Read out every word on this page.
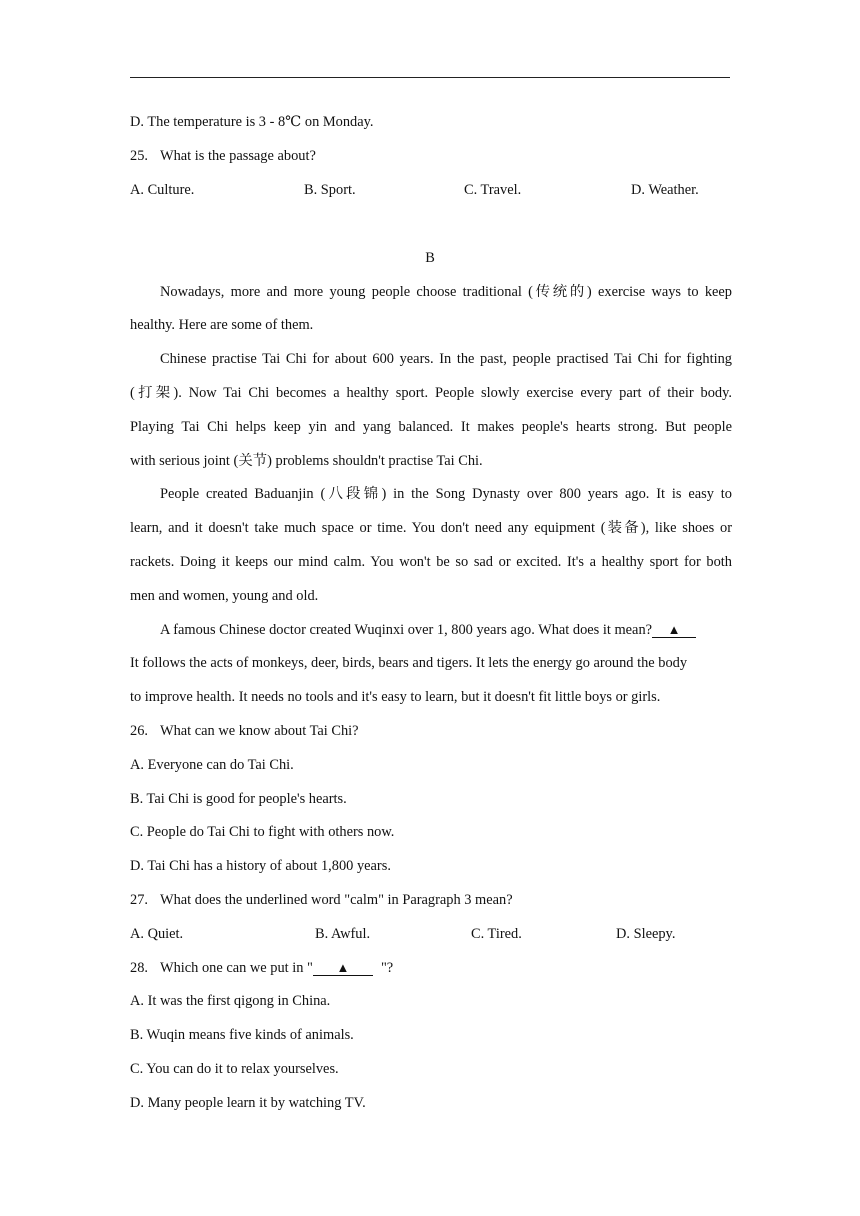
D. The temperature is 3 - 8℃ on Monday.
25. What is the passage about?
A. Culture.	B. Sport.	C. Travel.	D. Weather.
B
Nowadays, more and more young people choose traditional (传统的) exercise ways to keep
healthy. Here are some of them.
Chinese practise Tai Chi for about 600 years. In the past, people practised Tai Chi for fighting
(打架). Now Tai Chi becomes a healthy sport. People slowly exercise every part of their body.
Playing Tai Chi helps keep yin and yang balanced. It makes people's hearts strong. But people
with serious joint (关节) problems shouldn't practise Tai Chi.
People created Baduanjin (八段锦) in the Song Dynasty over 800 years ago. It is easy to
learn, and it doesn't take much space or time. You don't need any equipment (装备), like shoes or
rackets. Doing it keeps our mind calm. You won't be so sad or excited. It's a healthy sport for both
men and women, young and old.
A famous Chinese doctor created Wuqinxi over 1, 800 years ago. What does it mean? ▲
It follows the acts of monkeys, deer, birds, bears and tigers. It lets the energy go around the body
to improve health. It needs no tools and it's easy to learn, but it doesn't fit little boys or girls.
26. What can we know about Tai Chi?
A. Everyone can do Tai Chi.
B. Tai Chi is good for people's hearts.
C. People do Tai Chi to fight with others now.
D. Tai Chi has a history of about 1,800 years.
27. What does the underlined word "calm" in Paragraph 3 mean?
A. Quiet.	B. Awful.	C. Tired.	D. Sleepy.
28. Which one can we put in " ▲ "?
A. It was the first qigong in China.
B. Wuqin means five kinds of animals.
C. You can do it to relax yourselves.
D. Many people learn it by watching TV.
